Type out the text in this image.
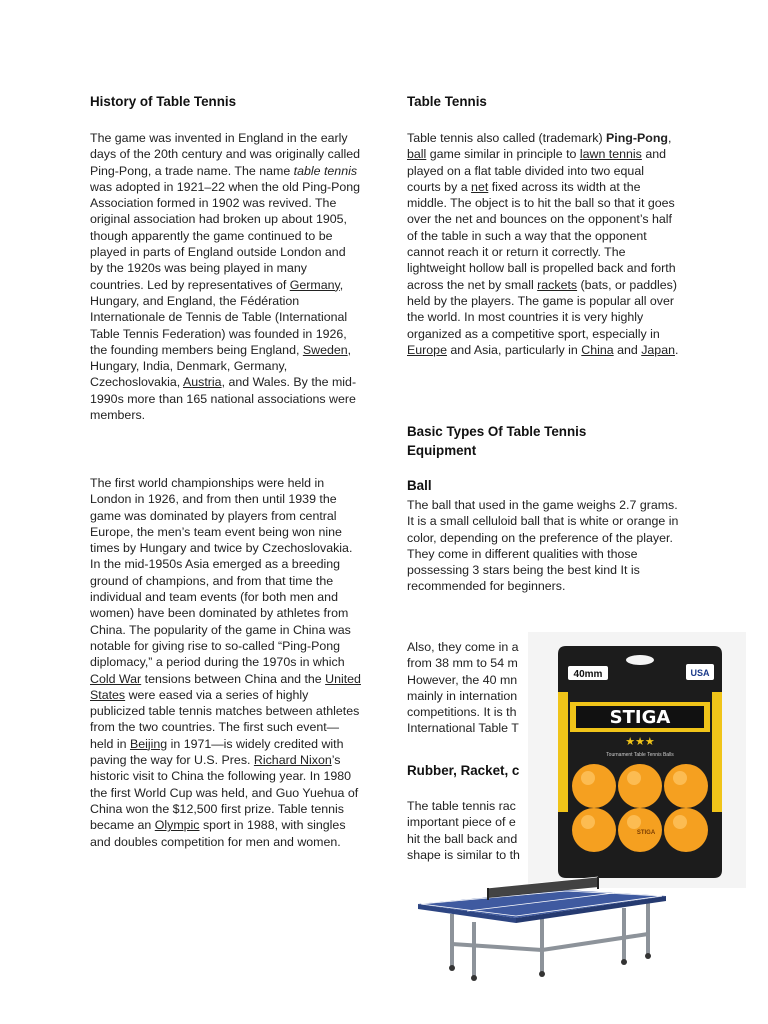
History of Table Tennis

The game was invented in England in the early days of the 20th century and was originally called Ping-Pong, a trade name. The name table tennis was adopted in 1921–22 when the old Ping-Pong Association formed in 1902 was revived. The original association had broken up about 1905, though apparently the game continued to be played in parts of England outside London and by the 1920s was being played in many countries. Led by representatives of Germany, Hungary, and England, the Fédération Internationale de Tennis de Table (International Table Tennis Federation) was founded in 1926, the founding members being England, Sweden, Hungary, India, Denmark, Germany, Czechoslovakia, Austria, and Wales. By the mid-1990s more than 165 national associations were members.

The first world championships were held in London in 1926, and from then until 1939 the game was dominated by players from central Europe, the men’s team event being won nine times by Hungary and twice by Czechoslovakia. In the mid-1950s Asia emerged as a breeding ground of champions, and from that time the individual and team events (for both men and women) have been dominated by athletes from China. The popularity of the game in China was notable for giving rise to so-called “Ping-Pong diplomacy,” a period during the 1970s in which Cold War tensions between China and the United States were eased via a series of highly publicized table tennis matches between athletes from the two countries. The first such event—held in Beijing in 1971—is widely credited with paving the way for U.S. Pres. Richard Nixon’s historic visit to China the following year. In 1980 the first World Cup was held, and Guo Yuehua of China won the $12,500 first prize. Table tennis became an Olympic sport in 1988, with singles and doubles competition for men and women.

Table Tennis

Table tennis also called (trademark) Ping-Pong, ball game similar in principle to lawn tennis and played on a flat table divided into two equal courts by a net fixed across its width at the middle. The object is to hit the ball so that it goes over the net and bounces on the opponent’s half of the table in such a way that the opponent cannot reach it or return it correctly. The lightweight hollow ball is propelled back and forth across the net by small rackets (bats, or paddles) held by the players. The game is popular all over the world. In most countries it is very highly organized as a competitive sport, especially in Europe and Asia, particularly in China and Japan.

Basic Types Of Table Tennis Equipment
Ball

The ball that used in the game weighs 2.7 grams. It is a small celluloid ball that is white or orange in color, depending on the preference of the player. They come in different qualities with those possessing 3 stars being the best kind It is recommended for beginners.

Also, they come in a
from 38 mm to 54 m
However, the 40 mn
mainly in internation
competitions. It is th
International Table T

Rubber, Racket, c

The table tennis rac
important piece of e
hit the ball back and
shape is similar to th

40mm	USA
STIGA
★★★
Tournament Table Tennis Balls
STIGA
